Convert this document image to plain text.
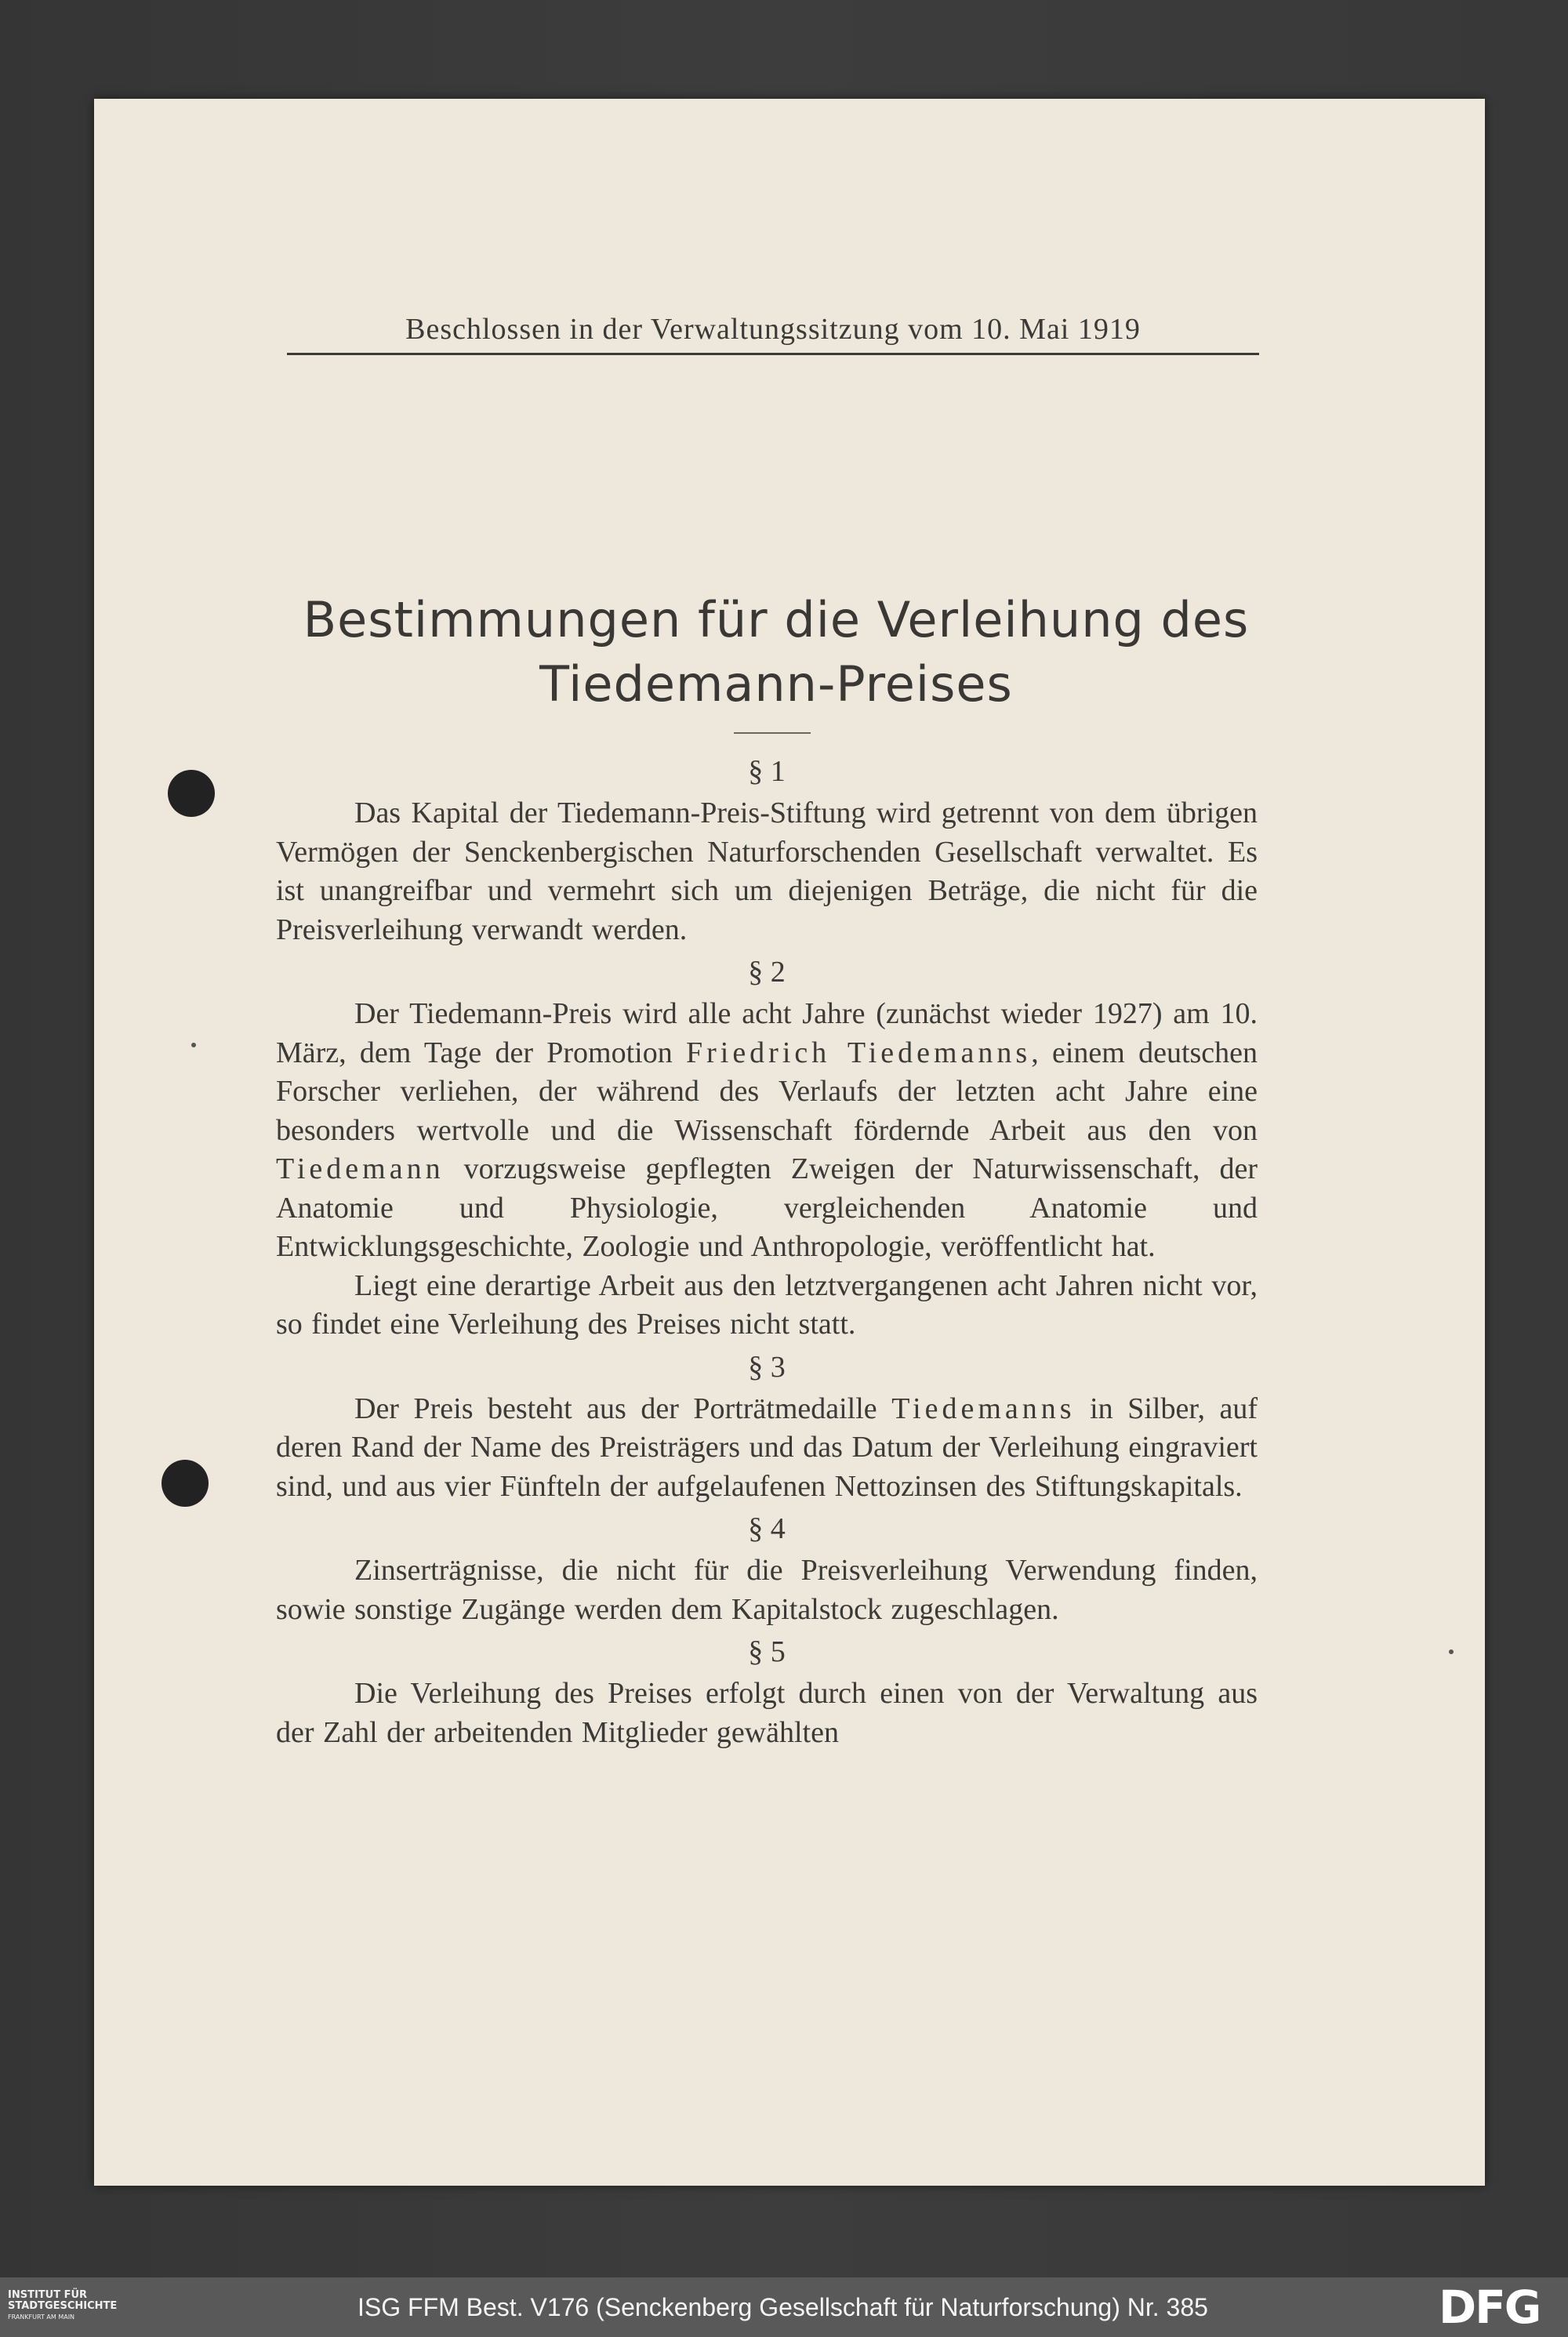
Beschlossen in der Verwaltungssitzung vom 10. Mai 1919
Bestimmungen für die Verleihung des
Tiedemann-Preises

§ 1

Das Kapital der Tiedemann-Preis-Stiftung wird getrennt von dem übrigen Vermögen der Senckenbergischen Naturforschenden Gesellschaft verwaltet. Es ist unangreifbar und vermehrt sich um diejenigen Beträge, die nicht für die Preisverleihung verwandt werden.

§ 2

Der Tiedemann-Preis wird alle acht Jahre (zunächst wieder 1927) am 10. März, dem Tage der Promotion Friedrich Tiedemanns, einem deutschen Forscher verliehen, der während des Verlaufs der letzten acht Jahre eine besonders wertvolle und die Wissenschaft fördernde Arbeit aus den von Tiedemann vorzugsweise gepflegten Zweigen der Naturwissenschaft, der Anatomie und Physiologie, vergleichenden Anatomie und Entwicklungsgeschichte, Zoologie und Anthropologie, veröffentlicht hat.

Liegt eine derartige Arbeit aus den letztvergangenen acht Jahren nicht vor, so findet eine Verleihung des Preises nicht statt.

§ 3

Der Preis besteht aus der Porträtmedaille Tiedemanns in Silber, auf deren Rand der Name des Preisträgers und das Datum der Verleihung eingraviert sind, und aus vier Fünfteln der aufgelaufenen Nettozinsen des Stiftungskapitals.

§ 4

Zinserträgnisse, die nicht für die Preisverleihung Verwendung finden, sowie sonstige Zugänge werden dem Kapitalstock zugeschlagen.

§ 5

Die Verleihung des Preises erfolgt durch einen von der Verwaltung aus der Zahl der arbeitenden Mitglieder gewählten

INSTITUT FÜR
STADTGESCHICHTE
FRANKFURT AM MAIN	ISG FFM Best. V176 (Senckenberg Gesellschaft für Naturforschung) Nr. 385	DFG
